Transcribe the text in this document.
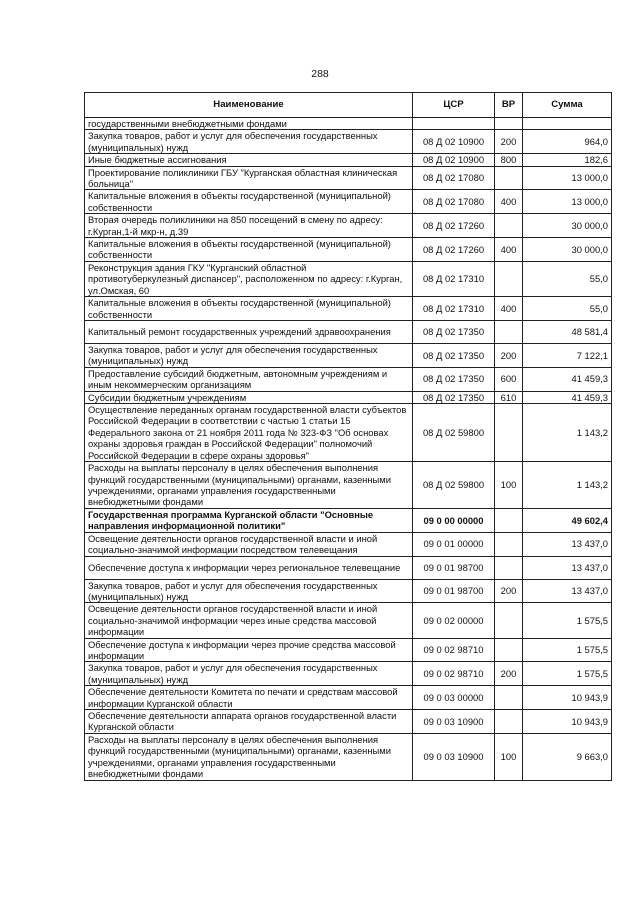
288
Наименование	ЦСР	ВР	Сумма
государственными внебюджетными фондами			
Закупка товаров, работ и услуг для обеспечения государственных (муниципальных) нужд	08 Д 02 10900	200	964,0
Иные бюджетные ассигнования	08 Д 02 10900	800	182,6
Проектирование поликлиники ГБУ "Курганская областная клиническая больница"	08 Д 02 17080		13 000,0
Капитальные вложения в объекты государственной (муниципальной) собственности	08 Д 02 17080	400	13 000,0
Вторая очередь поликлиники на 850 посещений в смену по адресу: г.Курган,1-й мкр-н, д.39	08 Д 02 17260		30 000,0
Капитальные вложения в объекты государственной (муниципальной) собственности	08 Д 02 17260	400	30 000,0
Реконструкция здания ГКУ "Курганский областной противотуберкулезный диспансер", расположенном по адресу: г.Курган, ул.Омская, 60	08 Д 02 17310		55,0
Капитальные вложения в объекты государственной (муниципальной) собственности	08 Д 02 17310	400	55,0
Капитальный ремонт государственных учреждений здравоохранения	08 Д 02 17350		48 581,4
Закупка товаров, работ и услуг для обеспечения государственных (муниципальных) нужд	08 Д 02 17350	200	7 122,1
Предоставление субсидий бюджетным, автономным учреждениям и иным некоммерческим организациям	08 Д 02 17350	600	41 459,3
Субсидии бюджетным учреждениям	08 Д 02 17350	610	41 459,3
Осуществление переданных органам государственной власти субъектов Российской Федерации в соответствии с частью 1 статьи 15 Федерального закона от 21 ноября 2011 года № 323-ФЗ "Об основах охраны здоровья граждан в Российской Федерации" полномочий Российской Федерации в сфере охраны здоровья"	08 Д 02 59800		1 143,2
Расходы на выплаты персоналу в целях обеспечения выполнения функций государственными (муниципальными) органами, казенными учреждениями, органами управления государственными внебюджетными фондами	08 Д 02 59800	100	1 143,2
Государственная программа Курганской области "Основные направления информационной политики"	09 0 00 00000		49 602,4
Освещение деятельности органов государственной власти и иной социально-значимой информации посредством телевещания	09 0 01 00000		13 437,0
Обеспечение доступа к информации через региональное телевещание	09 0 01 98700		13 437,0
Закупка товаров, работ и услуг для обеспечения государственных (муниципальных) нужд	09 0 01 98700	200	13 437,0
Освещение деятельности органов государственной власти и иной социально-значимой информации через иные средства массовой информации	09 0 02 00000		1 575,5
Обеспечение доступа к информации через прочие средства массовой информации	09 0 02 98710		1 575,5
Закупка товаров, работ и услуг для обеспечения государственных (муниципальных) нужд	09 0 02 98710	200	1 575,5
Обеспечение деятельности Комитета по печати и средствам массовой информации Курганской области	09 0 03 00000		10 943,9
Обеспечение деятельности аппарата органов государственной власти Курганской области	09 0 03 10900		10 943,9
Расходы на выплаты персоналу в целях обеспечения выполнения функций государственными (муниципальными) органами, казенными учреждениями, органами управления государственными внебюджетными фондами	09 0 03 10900	100	9 663,0
